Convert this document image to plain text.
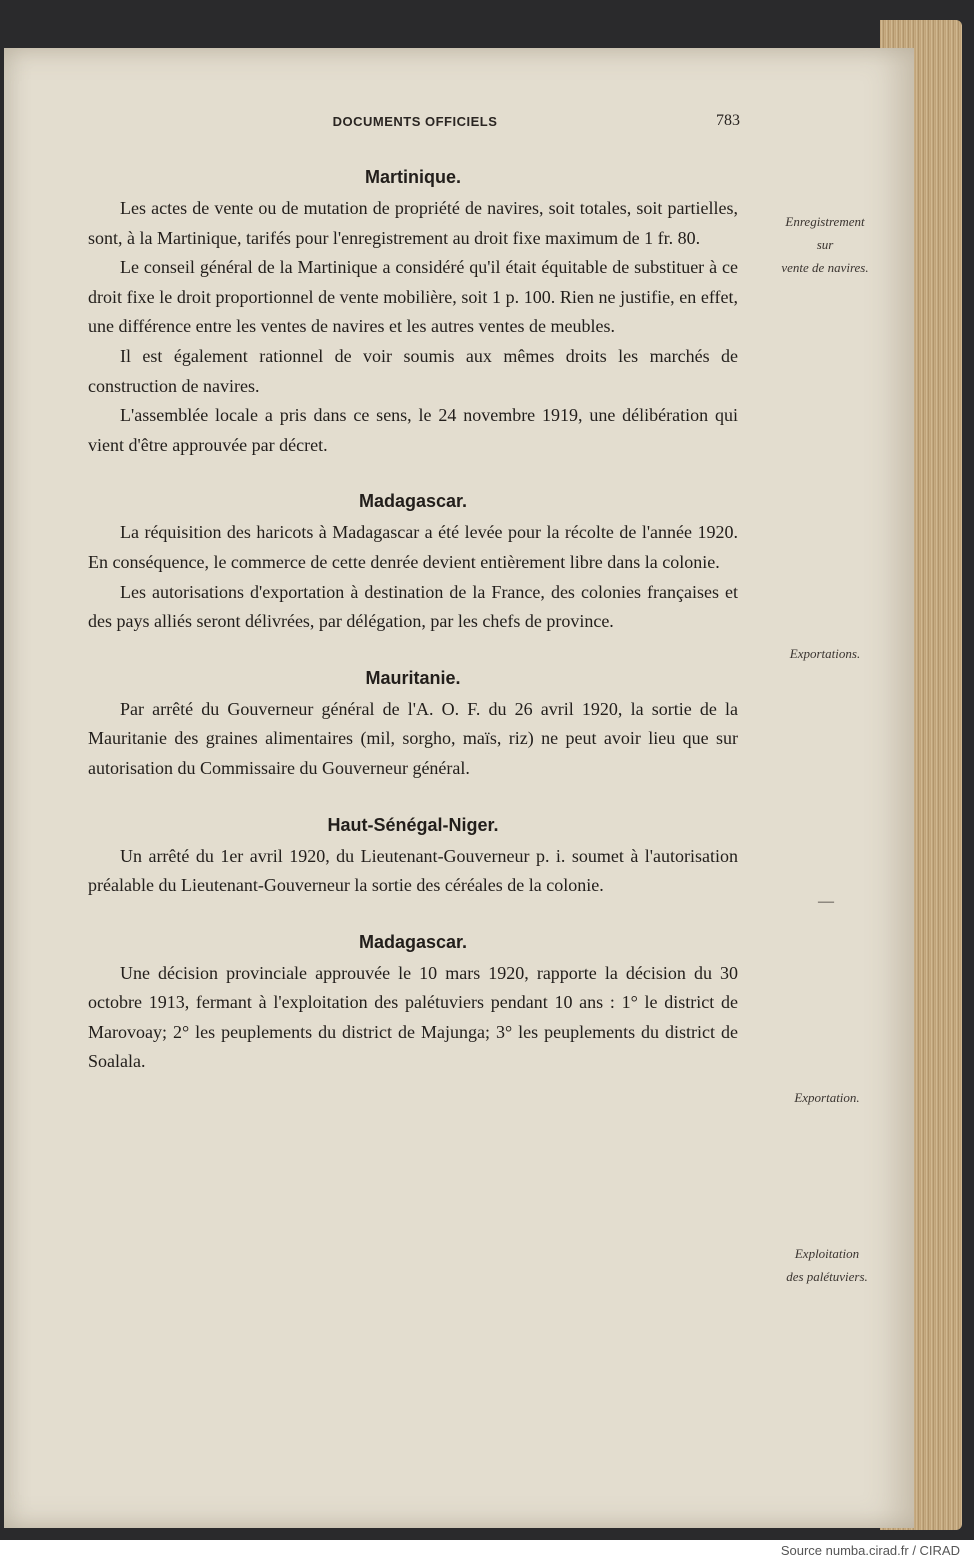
DOCUMENTS OFFICIELS	783
Martinique.

Les actes de vente ou de mutation de propriété de navires, soit totales, soit partielles, sont, à la Martinique, tarifés pour l'enregistrement au droit fixe maximum de 1 fr. 80.

Le conseil général de la Martinique a considéré qu'il était équitable de substituer à ce droit fixe le droit proportionnel de vente mobilière, soit 1 p. 100. Rien ne justifie, en effet, une différence entre les ventes de navires et les autres ventes de meubles.

Il est également rationnel de voir soumis aux mêmes droits les marchés de construction de navires.

L'assemblée locale a pris dans ce sens, le 24 novembre 1919, une délibération qui vient d'être approuvée par décret.

Madagascar.

La réquisition des haricots à Madagascar a été levée pour la récolte de l'année 1920. En conséquence, le commerce de cette denrée devient entièrement libre dans la colonie.

Les autorisations d'exportation à destination de la France, des colonies françaises et des pays alliés seront délivrées, par délégation, par les chefs de province.

Mauritanie.

Par arrêté du Gouverneur général de l'A. O. F. du 26 avril 1920, la sortie de la Mauritanie des graines alimentaires (mil, sorgho, maïs, riz) ne peut avoir lieu que sur autorisation du Commissaire du Gouverneur général.

Haut-Sénégal-Niger.

Un arrêté du 1er avril 1920, du Lieutenant-Gouverneur p. i. soumet à l'autorisation préalable du Lieutenant-Gouverneur la sortie des céréales de la colonie.

Madagascar.

Une décision provinciale approuvée le 10 mars 1920, rapporte la décision du 30 octobre 1913, fermant à l'exploitation des palétuviers pendant 10 ans : 1° le district de Marovoay; 2° les peuplements du district de Majunga; 3° les peuplements du district de Soalala.

Enregistrement
sur
vente de navires.
Exportations.
—
Exportation.
Exploitation
des palétuviers.
Source numba.cirad.fr / CIRAD
